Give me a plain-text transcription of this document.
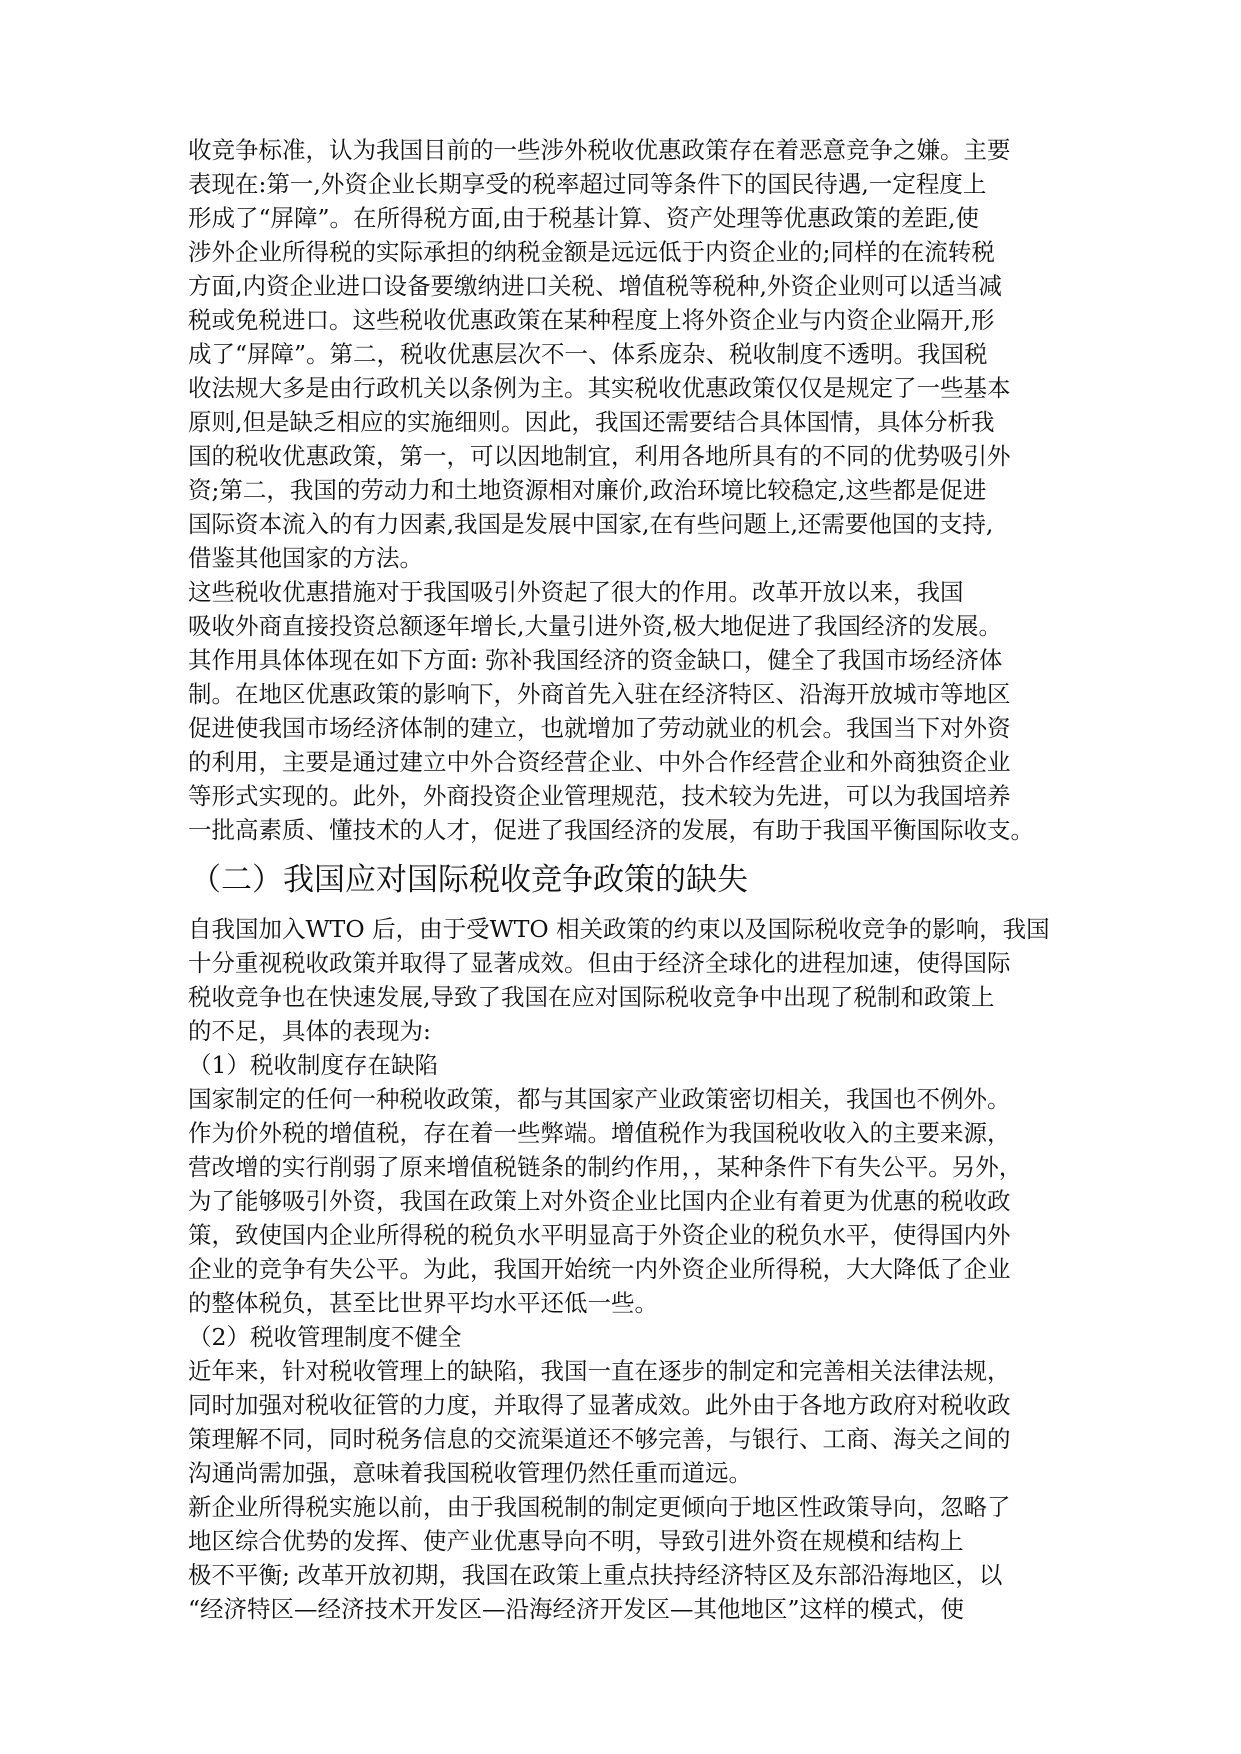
收竞争标准，认为我国目前的一些涉外税收优惠政策存在着恶意竞争之嫌。主要
表现在:第一,外资企业长期享受的税率超过同等条件下的国民待遇,一定程度上
形成了“屏障”。在所得税方面,由于税基计算、资产处理等优惠政策的差距,使
涉外企业所得税的实际承担的纳税金额是远远低于内资企业的;同样的在流转税
方面,内资企业进口设备要缴纳进口关税、增值税等税种,外资企业则可以适当减
税或免税进口。这些税收优惠政策在某种程度上将外资企业与内资企业隔开,形
成了“屏障”。第二，税收优惠层次不一、体系庞杂、税收制度不透明。我国税
收法规大多是由行政机关以条例为主。其实税收优惠政策仅仅是规定了一些基本
原则,但是缺乏相应的实施细则。因此，我国还需要结合具体国情，具体分析我
国的税收优惠政策，第一，可以因地制宜，利用各地所具有的不同的优势吸引外
资;第二，我国的劳动力和土地资源相对廉价,政治环境比较稳定,这些都是促进
国际资本流入的有力因素,我国是发展中国家,在有些问题上,还需要他国的支持,
借鉴其他国家的方法。
这些税收优惠措施对于我国吸引外资起了很大的作用。改革开放以来，我国
吸收外商直接投资总额逐年增长,大量引进外资,极大地促进了我国经济的发展。
其作用具体体现在如下方面: 弥补我国经济的资金缺口，健全了我国市场经济体
制。在地区优惠政策的影响下，外商首先入驻在经济特区、沿海开放城市等地区
促进使我国市场经济体制的建立，也就增加了劳动就业的机会。我国当下对外资
的利用，主要是通过建立中外合资经营企业、中外合作经营企业和外商独资企业
等形式实现的。此外，外商投资企业管理规范，技术较为先进，可以为我国培养
一批高素质、懂技术的人才，促进了我国经济的发展，有助于我国平衡国际收支。
（二）我国应对国际税收竞争政策的缺失
自我国加入WTO 后，由于受WTO 相关政策的约束以及国际税收竞争的影响，我国
十分重视税收政策并取得了显著成效。但由于经济全球化的进程加速，使得国际
税收竞争也在快速发展,导致了我国在应对国际税收竞争中出现了税制和政策上
的不足，具体的表现为:
（1）税收制度存在缺陷
国家制定的任何一种税收政策，都与其国家产业政策密切相关，我国也不例外。
作为价外税的增值税，存在着一些弊端。增值税作为我国税收收入的主要来源，
营改增的实行削弱了原来增值税链条的制约作用，，某种条件下有失公平。另外，
为了能够吸引外资，我国在政策上对外资企业比国内企业有着更为优惠的税收政
策，致使国内企业所得税的税负水平明显高于外资企业的税负水平，使得国内外
企业的竞争有失公平。为此，我国开始统一内外资企业所得税，大大降低了企业
的整体税负，甚至比世界平均水平还低一些。
（2）税收管理制度不健全
近年来，针对税收管理上的缺陷，我国一直在逐步的制定和完善相关法律法规，
同时加强对税收征管的力度，并取得了显著成效。此外由于各地方政府对税收政
策理解不同，同时税务信息的交流渠道还不够完善，与银行、工商、海关之间的
沟通尚需加强，意味着我国税收管理仍然任重而道远。
新企业所得税实施以前，由于我国税制的制定更倾向于地区性政策导向，忽略了
地区综合优势的发挥、使产业优惠导向不明，导致引进外资在规模和结构上
极不平衡; 改革开放初期，我国在政策上重点扶持经济特区及东部沿海地区，以
“经济特区—经济技术开发区—沿海经济开发区—其他地区”这样的模式，使
